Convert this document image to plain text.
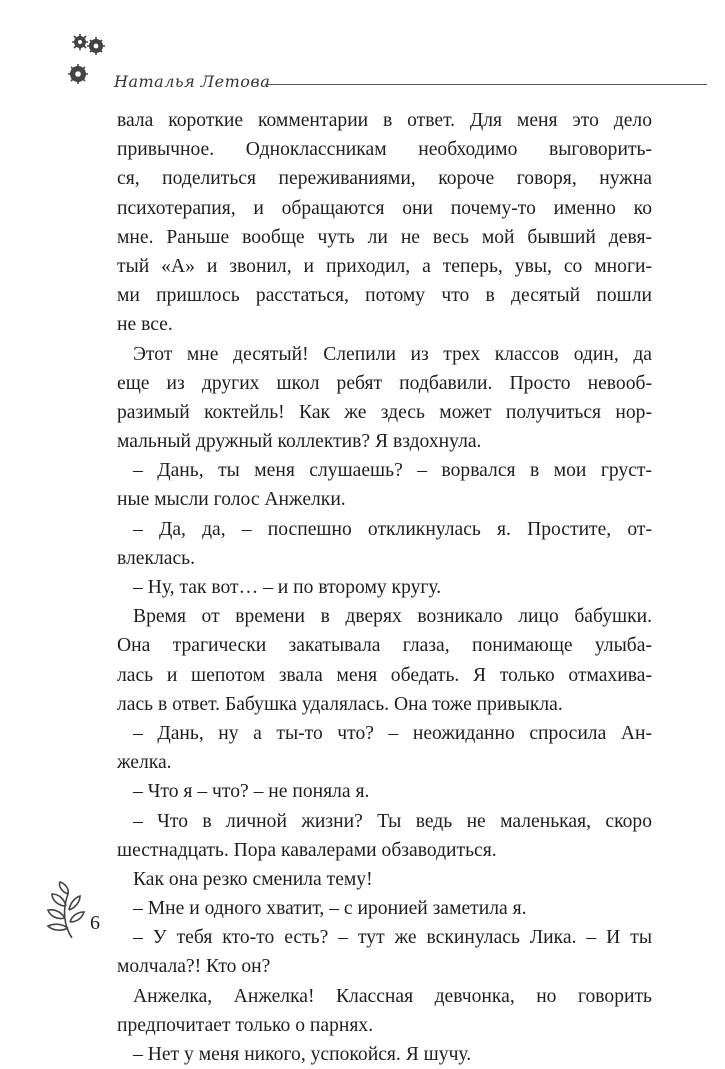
Наталья Летова
вала короткие комментарии в ответ. Для меня это дело
привычное. Одноклассникам необходимо выговорить-
ся, поделиться переживаниями, короче говоря, нужна
психотерапия, и обращаются они почему-то именно ко
мне. Раньше вообще чуть ли не весь мой бывший девя-
тый «А» и звонил, и приходил, а теперь, увы, со многи-
ми пришлось расстаться, потому что в десятый пошли
не все.
Этот мне десятый! Слепили из трех классов один, да
еще из других школ ребят подбавили. Просто невооб-
разимый коктейль! Как же здесь может получиться нор-
мальный дружный коллектив? Я вздохнула.
– Дань, ты меня слушаешь? – ворвался в мои груст-
ные мысли голос Анжелки.
– Да, да, – поспешно откликнулась я. Простите, от-
влеклась.
– Ну, так вот… – и по второму кругу.
Время от времени в дверях возникало лицо бабушки.
Она трагически закатывала глаза, понимающе улыба-
лась и шепотом звала меня обедать. Я только отмахива-
лась в ответ. Бабушка удалялась. Она тоже привыкла.
– Дань, ну а ты-то что? – неожиданно спросила Ан-
желка.
– Что я – что? – не поняла я.
– Что в личной жизни? Ты ведь не маленькая, скоро
шестнадцать. Пора кавалерами обзаводиться.
Как она резко сменила тему!
– Мне и одного хватит, – с иронией заметила я.
– У тебя кто-то есть? – тут же вскинулась Лика. – И ты
молчала?! Кто он?
Анжелка, Анжелка! Классная девчонка, но говорить
предпочитает только о парнях.
– Нет у меня никого, успокойся. Я шучу.
6
